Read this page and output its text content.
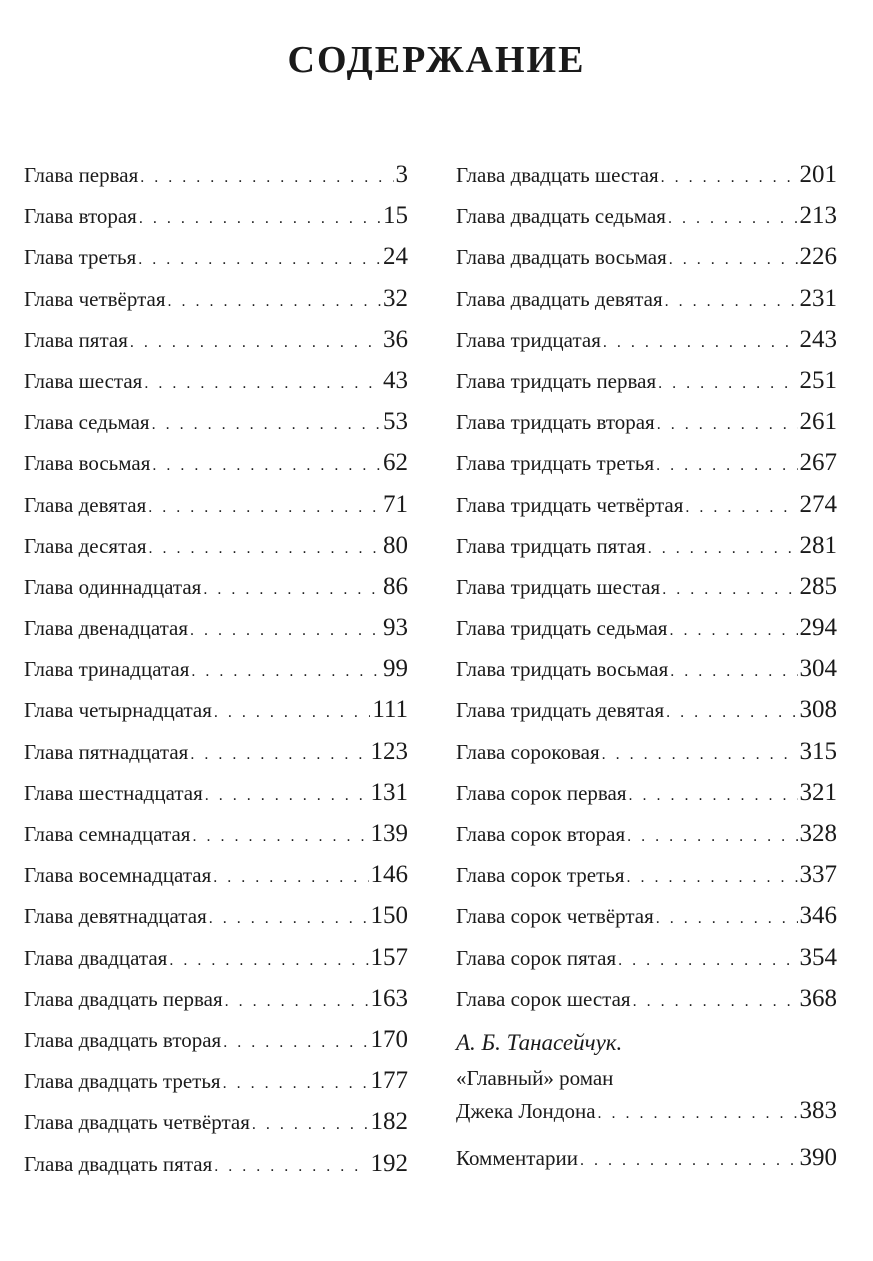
СОДЕРЖАНИЕ
Глава первая . . .	3
Глава вторая . . .	15
Глава третья . . .	24
Глава четвёртая . . .	32
Глава пятая . . .	36
Глава шестая . . .	43
Глава седьмая . . .	53
Глава восьмая . . .	62
Глава девятая . . .	71
Глава десятая . . .	80
Глава одиннадцатая . . .	86
Глава двенадцатая . . .	93
Глава тринадцатая . . .	99
Глава четырнадцатая . . .	111
Глава пятнадцатая . . .	123
Глава шестнадцатая . . .	131
Глава семнадцатая . . .	139
Глава восемнадцатая . . .	146
Глава девятнадцатая . . .	150
Глава двадцатая . . .	157
Глава двадцать первая . . .	163
Глава двадцать вторая . . .	170
Глава двадцать третья . . .	177
Глава двадцать четвёртая . . .	182
Глава двадцать пятая . . .	192
Глава двадцать шестая . . .	201
Глава двадцать седьмая . . .	213
Глава двадцать восьмая . . .	226
Глава двадцать девятая . . .	231
Глава тридцатая . . .	243
Глава тридцать первая . . .	251
Глава тридцать вторая . . .	261
Глава тридцать третья . . .	267
Глава тридцать четвёртая . . .	274
Глава тридцать пятая . . .	281
Глава тридцать шестая . . .	285
Глава тридцать седьмая . . .	294
Глава тридцать восьмая . . .	304
Глава тридцать девятая . . .	308
Глава сороковая . . .	315
Глава сорок первая . . .	321
Глава сорок вторая . . .	328
Глава сорок третья . . .	337
Глава сорок четвёртая . . .	346
Глава сорок пятая . . .	354
Глава сорок шестая . . .	368
А. Б. Танасейчук.
«Главный» роман
Джека Лондона . . .	383
Комментарии . . .	390
